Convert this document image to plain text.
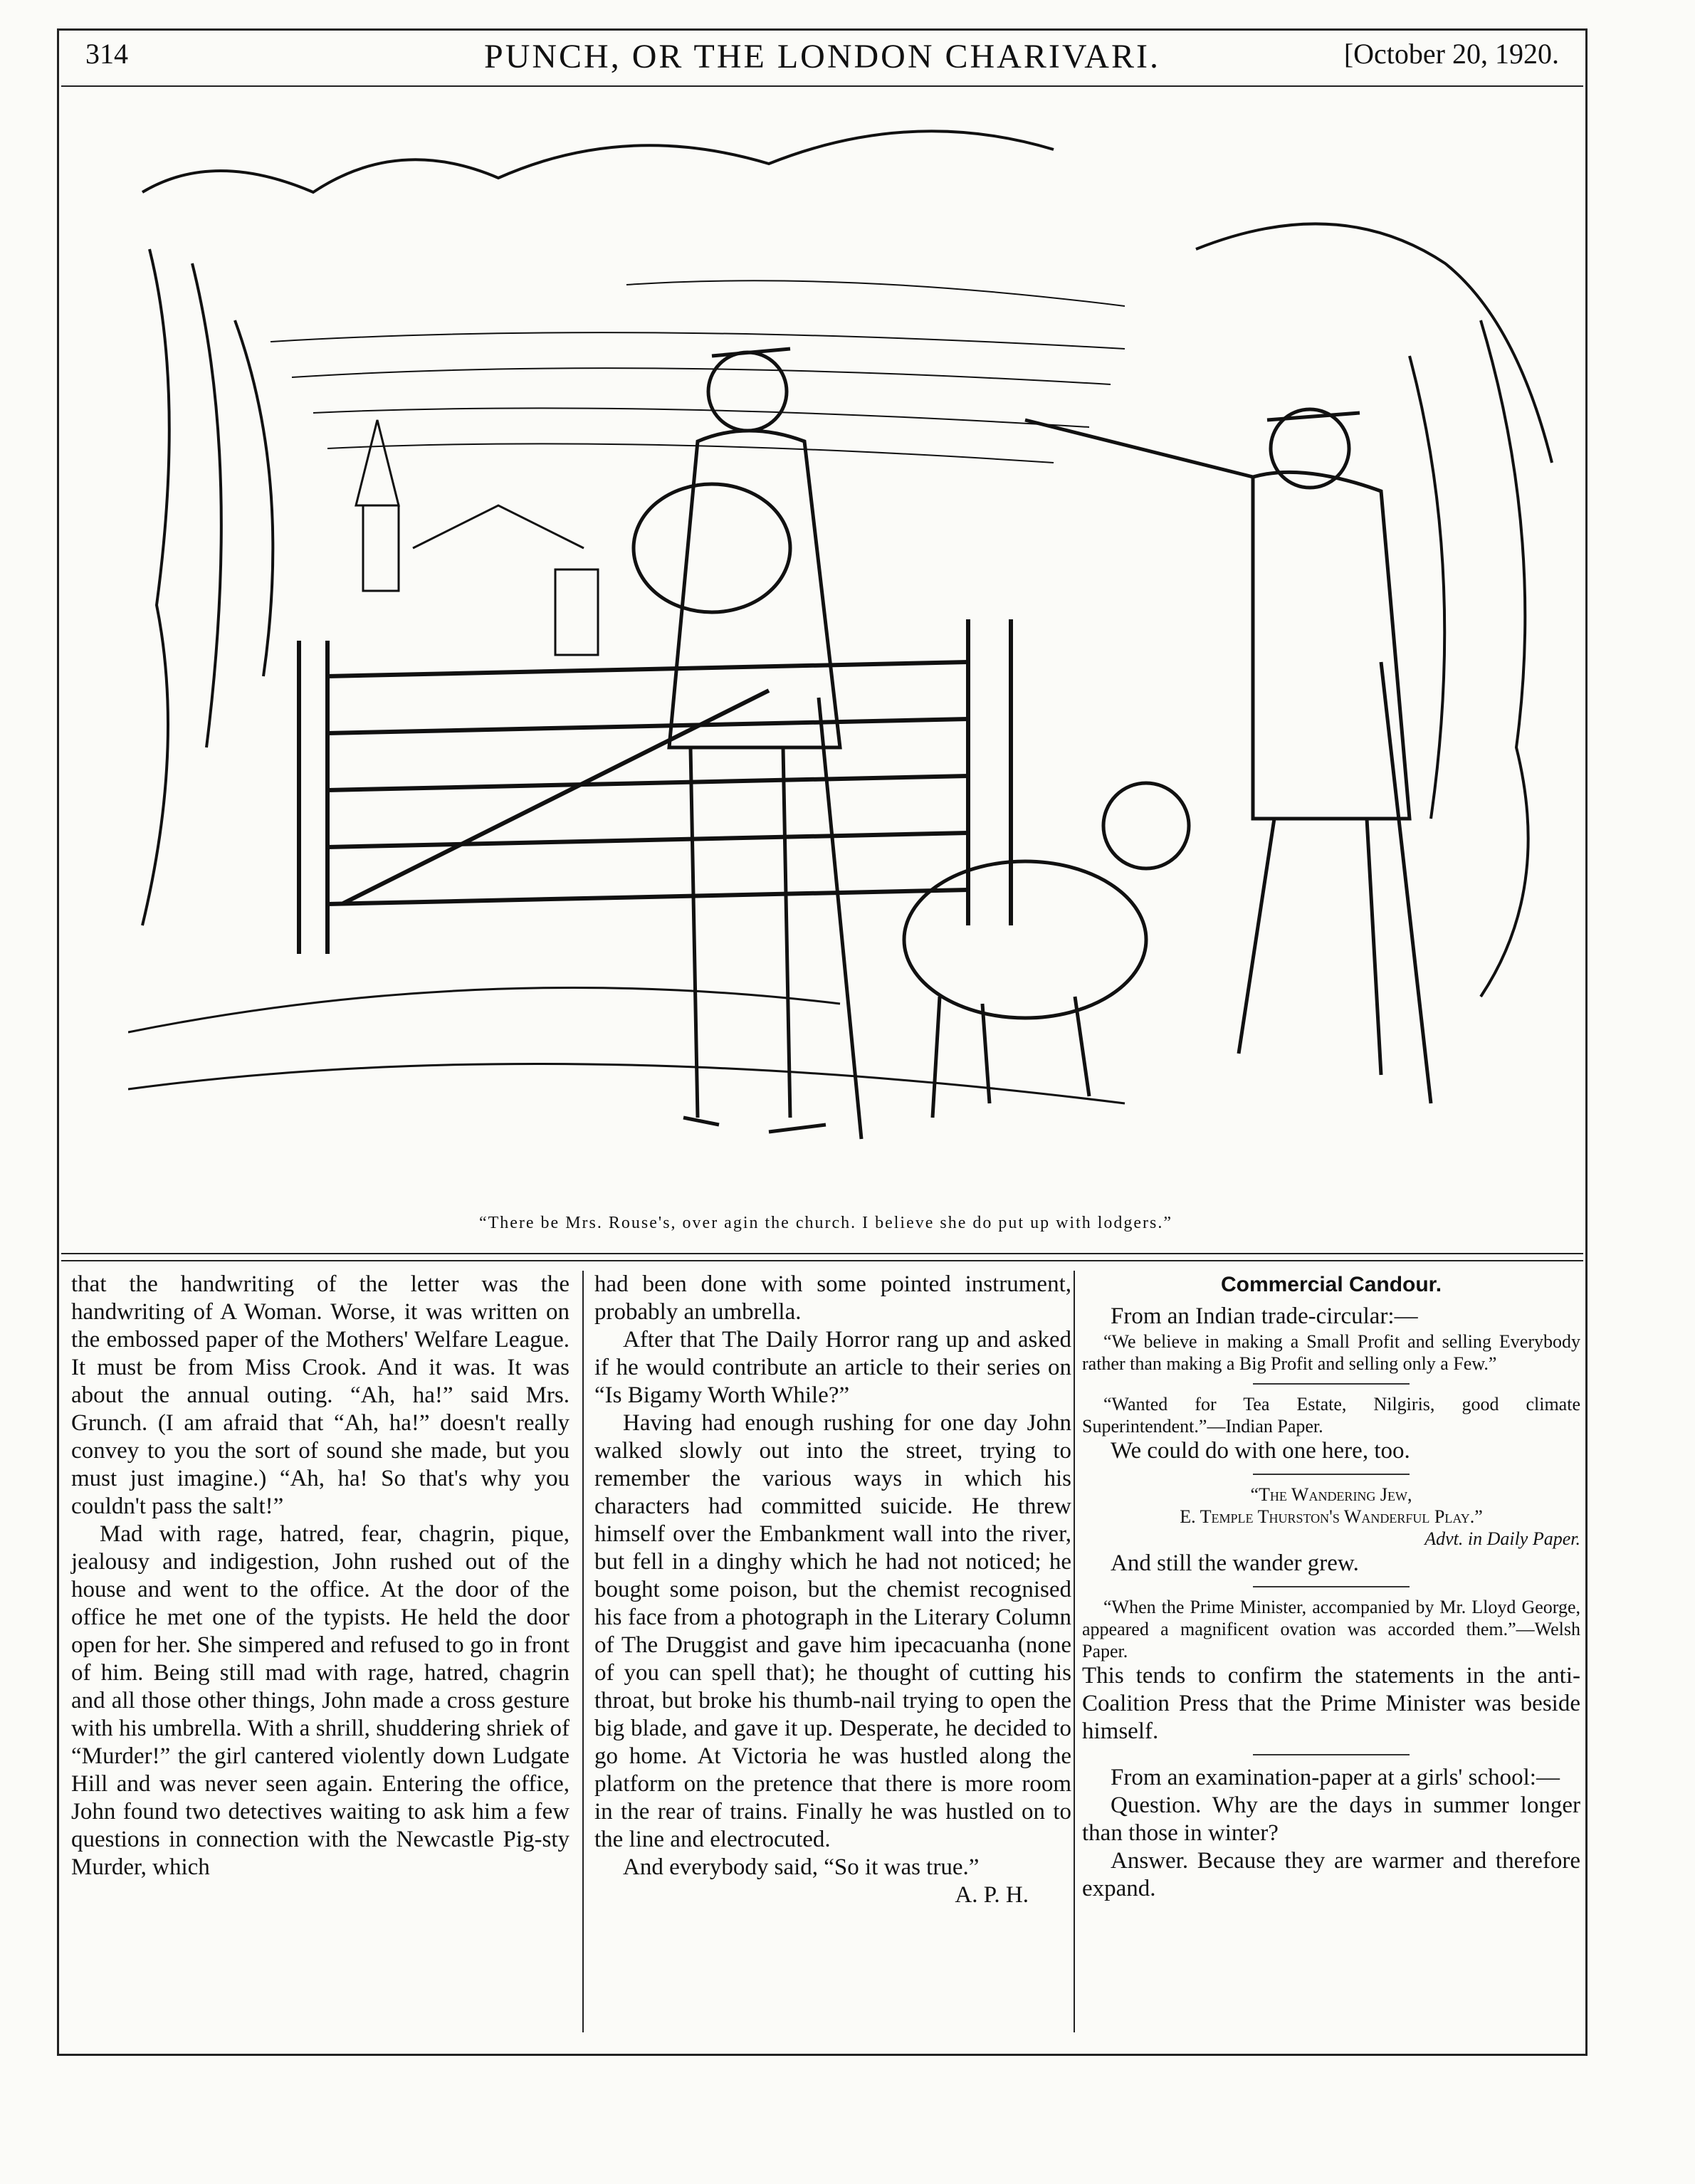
314	PUNCH, OR THE LONDON CHARIVARI.	[October 20, 1920.
“There be Mrs. Rouse's, over agin the church. I believe she do put up with lodgers.”

that the handwriting of the letter was the handwriting of A Woman. Worse, it was written on the embossed paper of the Mothers' Welfare League. It must be from Miss Crook. And it was. It was about the annual outing. “Ah, ha!” said Mrs. Grunch. (I am afraid that “Ah, ha!” doesn't really convey to you the sort of sound she made, but you must just imagine.) “Ah, ha! So that's why you couldn't pass the salt!”

Mad with rage, hatred, fear, chagrin, pique, jealousy and indigestion, John rushed out of the house and went to the office. At the door of the office he met one of the typists. He held the door open for her. She simpered and refused to go in front of him. Being still mad with rage, hatred, chagrin and all those other things, John made a cross gesture with his umbrella. With a shrill, shuddering shriek of “Murder!” the girl cantered violently down Ludgate Hill and was never seen again. Entering the office, John found two detectives waiting to ask him a few questions in connection with the Newcastle Pig-sty Murder, which

had been done with some pointed instrument, probably an umbrella.

After that The Daily Horror rang up and asked if he would contribute an article to their series on “Is Bigamy Worth While?”

Having had enough rushing for one day John walked slowly out into the street, trying to remember the various ways in which his characters had committed suicide. He threw himself over the Embankment wall into the river, but fell in a dinghy which he had not noticed; he bought some poison, but the chemist recognised his face from a photograph in the Literary Column of The Druggist and gave him ipecacuanha (none of you can spell that); he thought of cutting his throat, but broke his thumb-nail trying to open the big blade, and gave it up. Desperate, he decided to go home. At Victoria he was hustled along the platform on the pretence that there is more room in the rear of trains. Finally he was hustled on to the line and electrocuted.

And everybody said, “So it was true.”

A. P. H.

Commercial Candour.

From an Indian trade-circular:—

“We believe in making a Small Profit and selling Everybody rather than making a Big Profit and selling only a Few.”

“Wanted for Tea Estate, Nilgiris, good climate Superintendent.”—Indian Paper.

We could do with one here, too.

“The Wandering Jew,

E. Temple Thurston's Wanderful Play.”

Advt. in Daily Paper.

And still the wander grew.

“When the Prime Minister, accompanied by Mr. Lloyd George, appeared a magnificent ovation was accorded them.”—Welsh Paper.

This tends to confirm the statements in the anti-Coalition Press that the Prime Minister was beside himself.

From an examination-paper at a girls' school:—

Question. Why are the days in summer longer than those in winter?

Answer. Because they are warmer and therefore expand.
